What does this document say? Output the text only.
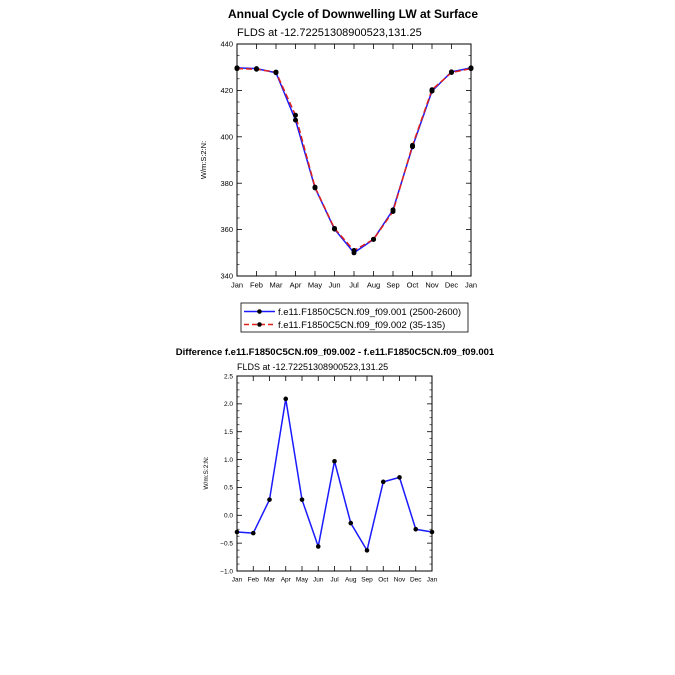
Annual Cycle of Downwelling LW at Surface
FLDS at -12.72251308900523,131.25
W/m:S:2:N:
340
360
380
400
420
440
Jan Feb Mar Apr May Jun Jul Aug Sep Oct Nov Dec Jan
f.e11.F1850C5CN.f09_f09.001 (2500-2600)
f.e11.F1850C5CN.f09_f09.002 (35-135)
Difference f.e11.F1850C5CN.f09_f09.002 - f.e11.F1850C5CN.f09_f09.001
FLDS at -12.72251308900523,131.25
W/m:S:2:N:
−1.0
−0.5
0.0
0.5
1.0
1.5
2.0
2.5
Jan Feb Mar Apr May Jun Jul Aug Sep Oct Nov Dec Jan
